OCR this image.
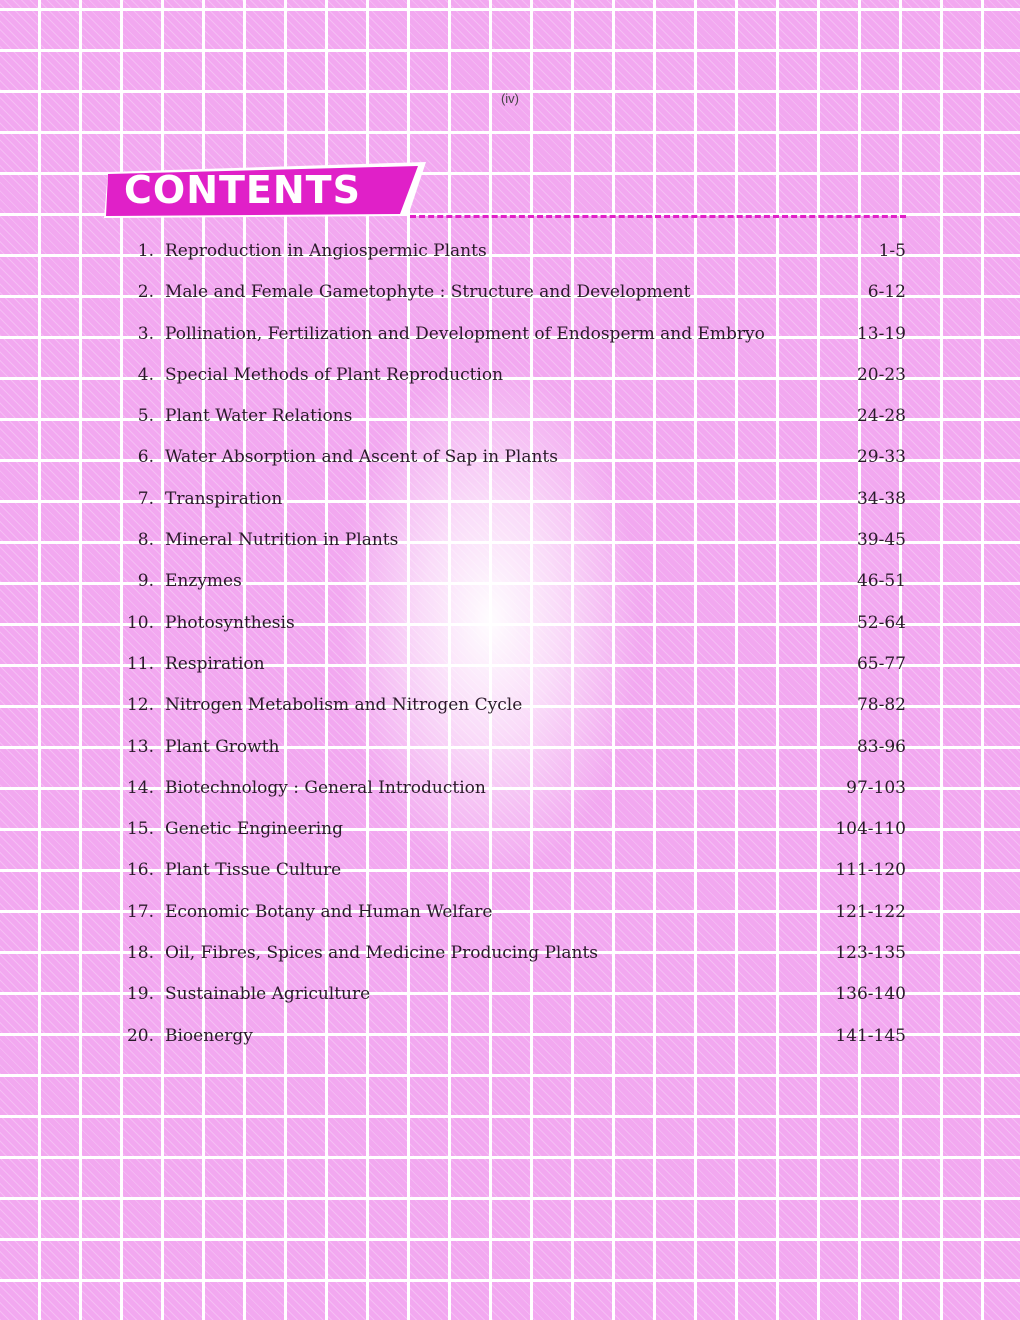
(iv)
CONTENTS
1. Reproduction in Angiospermic Plants	1-5
2. Male and Female Gametophyte : Structure and Development	6-12
3. Pollination, Fertilization and Development of Endosperm and Embryo	13-19
4. Special Methods of Plant Reproduction	20-23
5. Plant Water Relations	24-28
6. Water Absorption and Ascent of Sap in Plants	29-33
7. Transpiration	34-38
8. Mineral Nutrition in Plants	39-45
9. Enzymes	46-51
10. Photosynthesis	52-64
11. Respiration	65-77
12. Nitrogen Metabolism and Nitrogen Cycle	78-82
13. Plant Growth	83-96
14. Biotechnology : General Introduction	97-103
15. Genetic Engineering	104-110
16. Plant Tissue Culture	111-120
17. Economic Botany and Human Welfare	121-122
18. Oil, Fibres, Spices and Medicine Producing Plants	123-135
19. Sustainable Agriculture	136-140
20. Bioenergy	141-145
